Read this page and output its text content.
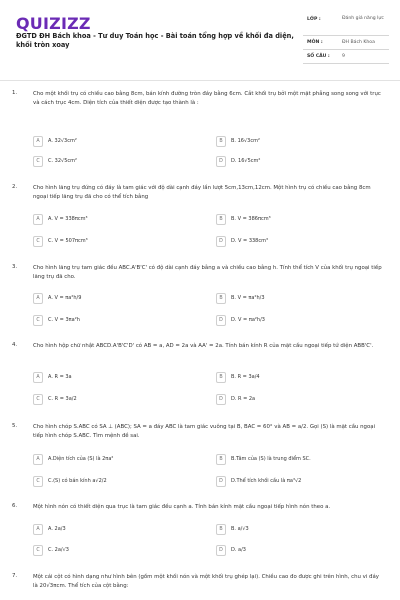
QUIZIZZ
ĐGTD ĐH Bách khoa - Tư duy Toán học - Bài toán tổng hợp về khối đa diện, khối tròn xoay
LỚP :	Đánh giá năng lực
MÔN :	ĐH Bách Khoa
SỐ CÂU :	9
1.	Cho một khối trụ có chiều cao bằng 8cm, bán kính đường tròn đáy bằng 6cm. Cắt khối trụ bởi một mặt phẳng song song với trục và cách trục 4cm. Diện tích của thiết diện được tạo thành là :
A	A. 32√3cm²	B	B. 16√3cm²
C	C. 32√5cm²	D	D. 16√5cm²
2.	Cho hình lăng trụ đứng có đáy là tam giác với độ dài cạnh đáy lần lượt 5cm,13cm,12cm. Một hình trụ có chiều cao bằng 8cm ngoại tiếp lăng trụ đã cho có thể tích bằng
A	A. V = 338πcm³	B	B. V = 386πcm³
C	C. V = 507πcm³	D	D. V = 338cm³
3.	Cho hình lăng trụ tam giác đều ABC.A'B'C' có độ dài cạnh đáy bằng a và chiều cao bằng h. Tính thể tích V của khối trụ ngoại tiếp lăng trụ đã cho.
A	A. V = πa²h/9	B	B. V = πa²h/3
C	C. V = 3πa²h	D	D. V = πa²h/3
4.	Cho hình hộp chữ nhật ABCD.A'B'C'D' có AB = a, AD = 2a và AA' = 2a. Tính bán kính R của mặt cầu ngoại tiếp tứ diện ABB'C'.
A	A. R = 3a	B	B. R = 3a/4
C	C. R = 3a/2	D	D. R = 2a
5.	Cho hình chóp S.ABC có SA ⊥ (ABC); SA = a đáy ABC là tam giác vuông tại B, BAC = 60° và AB = a/2. Gọi (S) là mặt cầu ngoại tiếp hình chóp S.ABC. Tìm mệnh đề sai.
A	A.Diện tích của (S) là 2πa²	B	B.Tâm của (S) là trung điểm SC.
C	C.(S) có bán kính a√2/2	D	D.Thể tích khối cầu là πa³√2
6.	Một hình nón có thiết diện qua trục là tam giác đều cạnh a. Tính bán kính mặt cầu ngoại tiếp hình nón theo a.
A	A. 2a/3	B	B. a/√3
C	C. 2a/√3	D	D. a/3
7.	Một cái cột có hình dạng như hình bên (gồm một khối nón và một khối trụ ghép lại). Chiều cao đo được ghi trên hình, chu vi đáy là 20√3πcm. Thể tích của cột bằng:
